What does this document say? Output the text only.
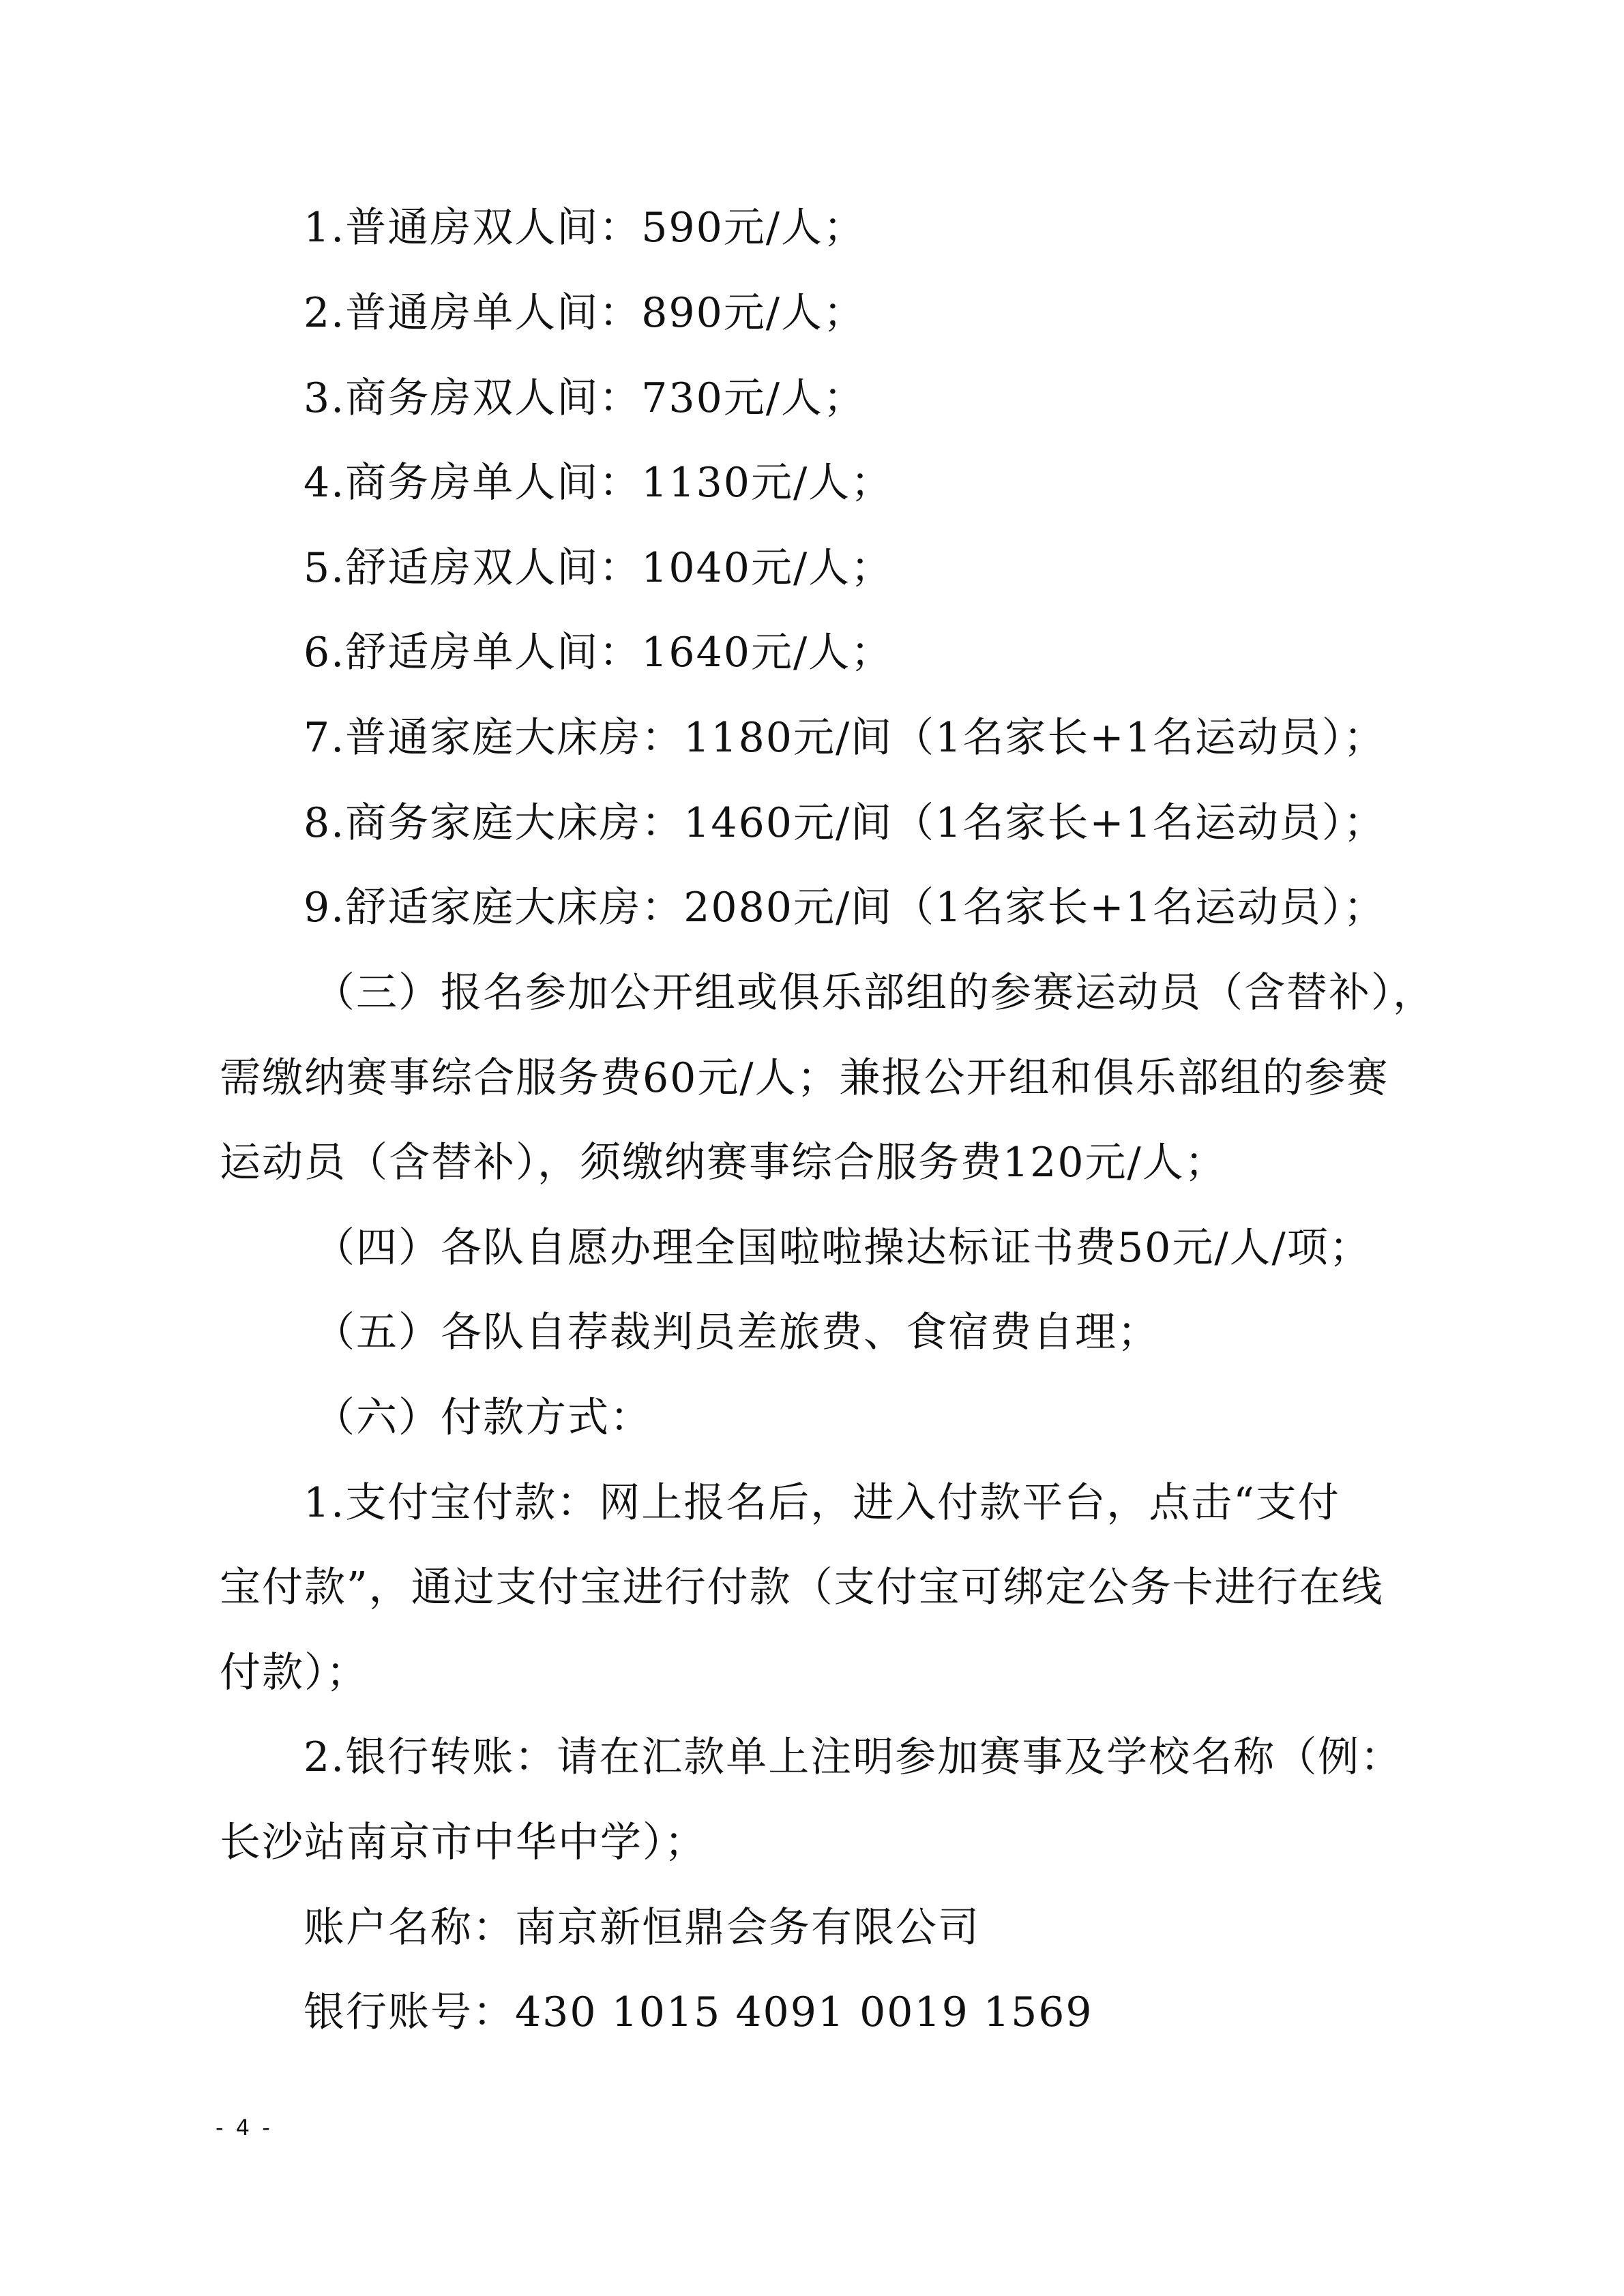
1.普通房双人间：590元/人；
2.普通房单人间：890元/人；
3.商务房双人间：730元/人；
4.商务房单人间：1130元/人；
5.舒适房双人间：1040元/人；
6.舒适房单人间：1640元/人；
7.普通家庭大床房：1180元/间（1名家长+1名运动员）；
8.商务家庭大床房：1460元/间（1名家长+1名运动员）；
9.舒适家庭大床房：2080元/间（1名家长+1名运动员）；
（三）报名参加公开组或俱乐部组的参赛运动员（含替补），
需缴纳赛事综合服务费60元/人；兼报公开组和俱乐部组的参赛
运动员（含替补），须缴纳赛事综合服务费120元/人；
（四）各队自愿办理全国啦啦操达标证书费50元/人/项；
（五）各队自荐裁判员差旅费、食宿费自理；
（六）付款方式：
1.支付宝付款：网上报名后，进入付款平台，点击“支付
宝付款”，通过支付宝进行付款（支付宝可绑定公务卡进行在线
付款）；
2.银行转账：请在汇款单上注明参加赛事及学校名称（例：
长沙站南京市中华中学）；
账户名称：南京新恒鼎会务有限公司
银行账号：430 1015 4091 0019 1569
- 4 -
